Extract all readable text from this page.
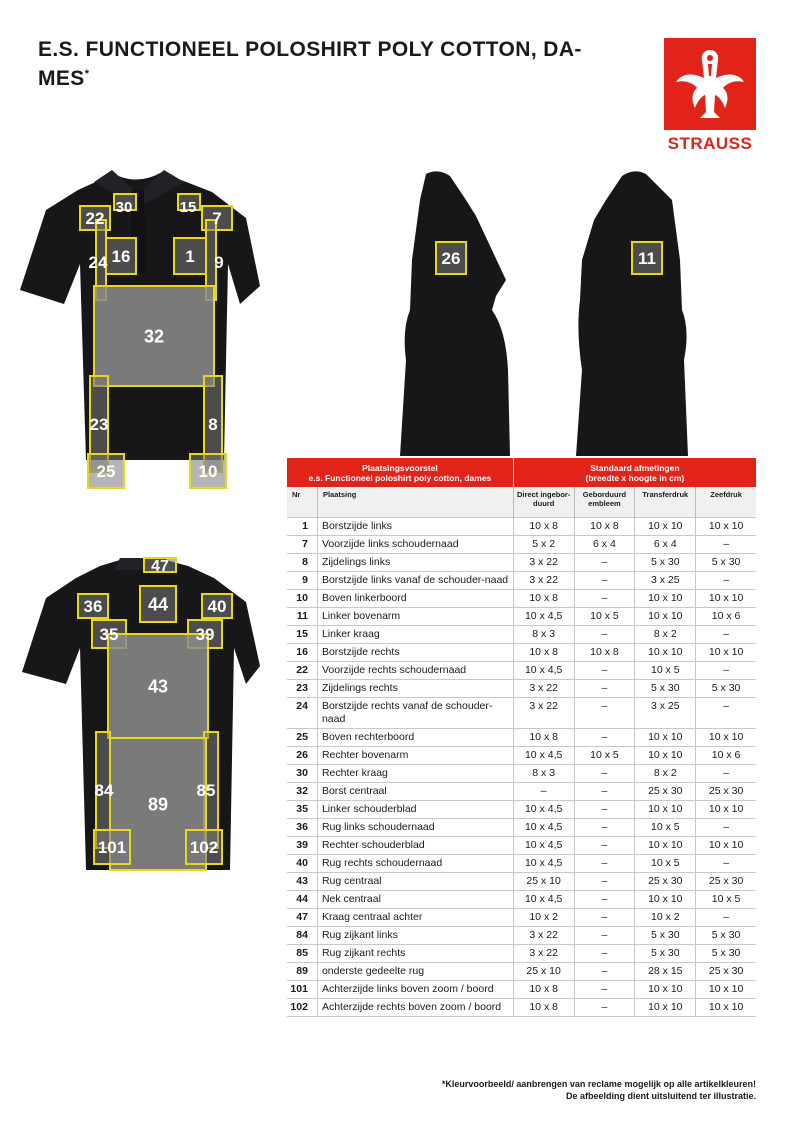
E.S. FUNCTIONEEL POLOSHIRT POLY COTTON, DA-
MES*
STRAUSS
22
30	15
7
24 16	1 9
32
23	8
25	10
26	11
47
36	44 40
35	39
43
84	85
89
101	102
Plaatsingsvoorstel
e.s. Functioneel poloshirt poly cotton, dames		Standaard afmetingen
(breedte x hoogte in cm)			
Nr	Plaatsing	Direct ingebor-
duurd	Geborduurd
embleem	Transferdruk	Zeefdruk
1	Borstzijde links	10 x 8	10 x 8	10 x 10	10 x 10
7	Voorzijde links schoudernaad	5 x 2	6 x 4	6 x 4	–
8	Zijdelings links	3 x 22	–	5 x 30	5 x 30
9	Borstzijde links vanaf de schouder-naad	3 x 22	–	3 x 25	–
10	Boven linkerboord	10 x 8	–	10 x 10	10 x 10
11	Linker bovenarm	10 x 4,5	10 x 5	10 x 10	10 x 6
15	Linker kraag	8 x 3	–	8 x 2	–
16	Borstzijde rechts	10 x 8	10 x 8	10 x 10	10 x 10
22	Voorzijde rechts schoudernaad	10 x 4,5	–	10 x 5	–
23	Zijdelings rechts	3 x 22	–	5 x 30	5 x 30
24	Borstzijde rechts vanaf de schouder-naad	3 x 22	–	3 x 25	–
25	Boven rechterboord	10 x 8	–	10 x 10	10 x 10
26	Rechter bovenarm	10 x 4,5	10 x 5	10 x 10	10 x 6
30	Rechter kraag	8 x 3	–	8 x 2	–
32	Borst centraal	–	–	25 x 30	25 x 30
35	Linker schouderblad	10 x 4,5	–	10 x 10	10 x 10
36	Rug links schoudernaad	10 x 4,5	–	10 x 5	–
39	Rechter schouderblad	10 x 4,5	–	10 x 10	10 x 10
40	Rug rechts schoudernaad	10 x 4,5	–	10 x 5	–
43	Rug centraal	25 x 10	–	25 x 30	25 x 30
44	Nek centraal	10 x 4,5	–	10 x 10	10 x 5
47	Kraag centraal achter	10 x 2	–	10 x 2	–
84	Rug zijkant links	3 x 22	–	5 x 30	5 x 30
85	Rug zijkant rechts	3 x 22	–	5 x 30	5 x 30
89	onderste gedeelte rug	25 x 10	–	28 x 15	25 x 30
101	Achterzijde links boven zoom / boord	10 x 8	–	10 x 10	10 x 10
102	Achterzijde rechts boven zoom / boord	10 x 8	–	10 x 10	10 x 10
*Kleurvoorbeeld/ aanbrengen van reclame mogelijk op alle artikelkleuren!
De afbeelding dient uitsluitend ter illustratie.
